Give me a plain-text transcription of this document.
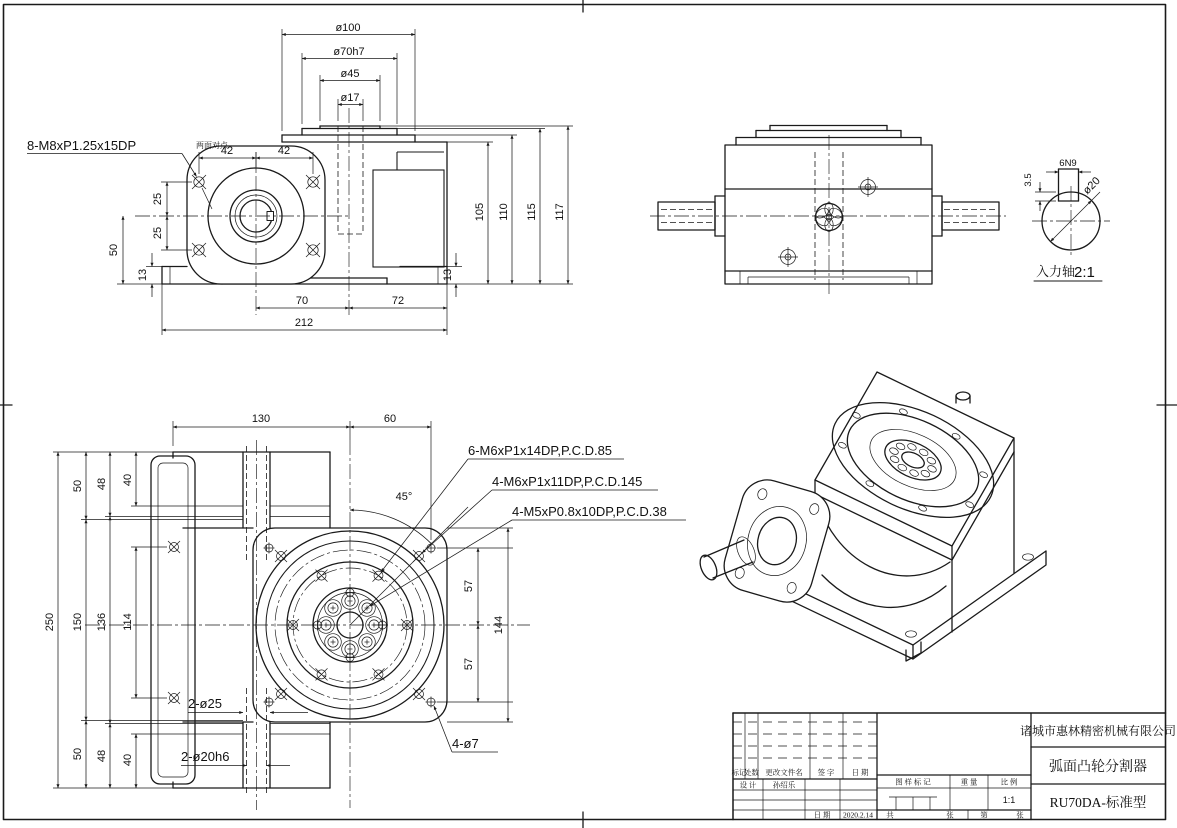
8-M8xP1.25x15DP	两面对点
ø100
ø70h7
ø45
ø17
42	42
25
25
50
13	13
105 110 115 117
70	72
212
6N9
3.5	ø20
入力轴
2:1
45°
130	60
250
50
150
50
48
136
48
40
114
40
57
57
144
6-M6xP1x14DP,P.C.D.85
4-M6xP1x11DP,P.C.D.145
4-M5xP0.8x10DP,P.C.D.38
4-ø7
2-ø25
2-ø20h6
诸城市惠林精密机械有限公司
弧面凸轮分割器
RU70DA-标准型
图 样 标 记	重 量	比 例
1:1
共	张	第	张
标记
处数 更改文件名 签 字 日 期
设 计 孙绍乐
日 期 2020.2.14
